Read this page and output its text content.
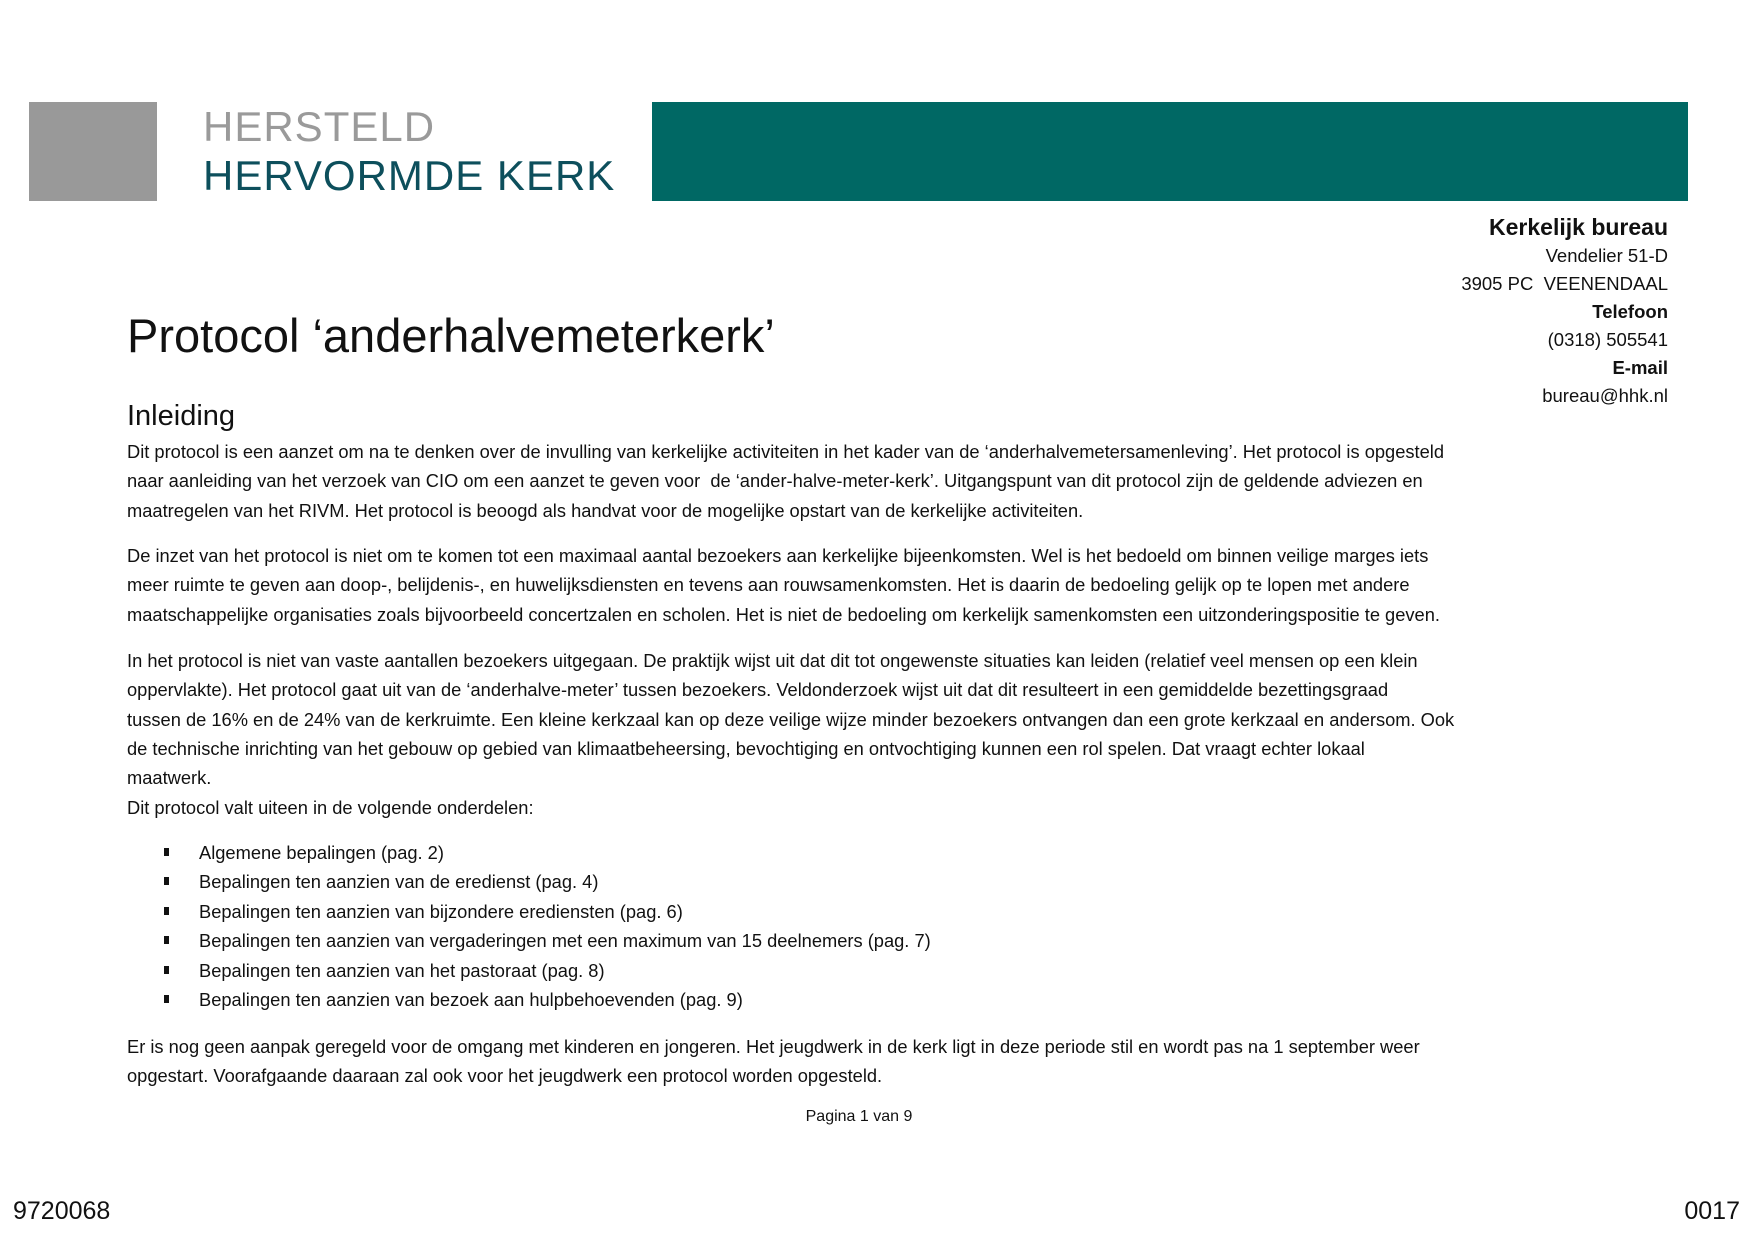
HERSTELD
HERVORMDE KERK
Kerkelijk bureau
Vendelier 51-D
3905 PC  VEENENDAAL
Telefoon
(0318) 505541
E-mail
bureau@hhk.nl
Protocol ‘anderhalvemeterkerk’
Inleiding
Dit protocol is een aanzet om na te denken over de invulling van kerkelijke activiteiten in het kader van de ‘anderhalvemetersamenleving’. Het protocol is opgesteld
naar aanleiding van het verzoek van CIO om een aanzet te geven voor  de ‘ander-halve-meter-kerk’. Uitgangspunt van dit protocol zijn de geldende adviezen en
maatregelen van het RIVM. Het protocol is beoogd als handvat voor de mogelijke opstart van de kerkelijke activiteiten.
De inzet van het protocol is niet om te komen tot een maximaal aantal bezoekers aan kerkelijke bijeenkomsten. Wel is het bedoeld om binnen veilige marges iets
meer ruimte te geven aan doop-, belijdenis-, en huwelijksdiensten en tevens aan rouwsamenkomsten. Het is daarin de bedoeling gelijk op te lopen met andere
maatschappelijke organisaties zoals bijvoorbeeld concertzalen en scholen. Het is niet de bedoeling om kerkelijk samenkomsten een uitzonderingspositie te geven.
In het protocol is niet van vaste aantallen bezoekers uitgegaan. De praktijk wijst uit dat dit tot ongewenste situaties kan leiden (relatief veel mensen op een klein
oppervlakte). Het protocol gaat uit van de ‘anderhalve-meter’ tussen bezoekers. Veldonderzoek wijst uit dat dit resulteert in een gemiddelde bezettingsgraad
tussen de 16% en de 24% van de kerkruimte. Een kleine kerkzaal kan op deze veilige wijze minder bezoekers ontvangen dan een grote kerkzaal en andersom. Ook
de technische inrichting van het gebouw op gebied van klimaatbeheersing, bevochtiging en ontvochtiging kunnen een rol spelen. Dat vraagt echter lokaal
maatwerk.
Dit protocol valt uiteen in de volgende onderdelen:
Algemene bepalingen (pag. 2)
Bepalingen ten aanzien van de eredienst (pag. 4)
Bepalingen ten aanzien van bijzondere erediensten (pag. 6)
Bepalingen ten aanzien van vergaderingen met een maximum van 15 deelnemers (pag. 7)
Bepalingen ten aanzien van het pastoraat (pag. 8)
Bepalingen ten aanzien van bezoek aan hulpbehoevenden (pag. 9)
Er is nog geen aanpak geregeld voor de omgang met kinderen en jongeren. Het jeugdwerk in de kerk ligt in deze periode stil en wordt pas na 1 september weer
opgestart. Voorafgaande daaraan zal ook voor het jeugdwerk een protocol worden opgesteld.
Pagina 1 van 9
9720068	0017
